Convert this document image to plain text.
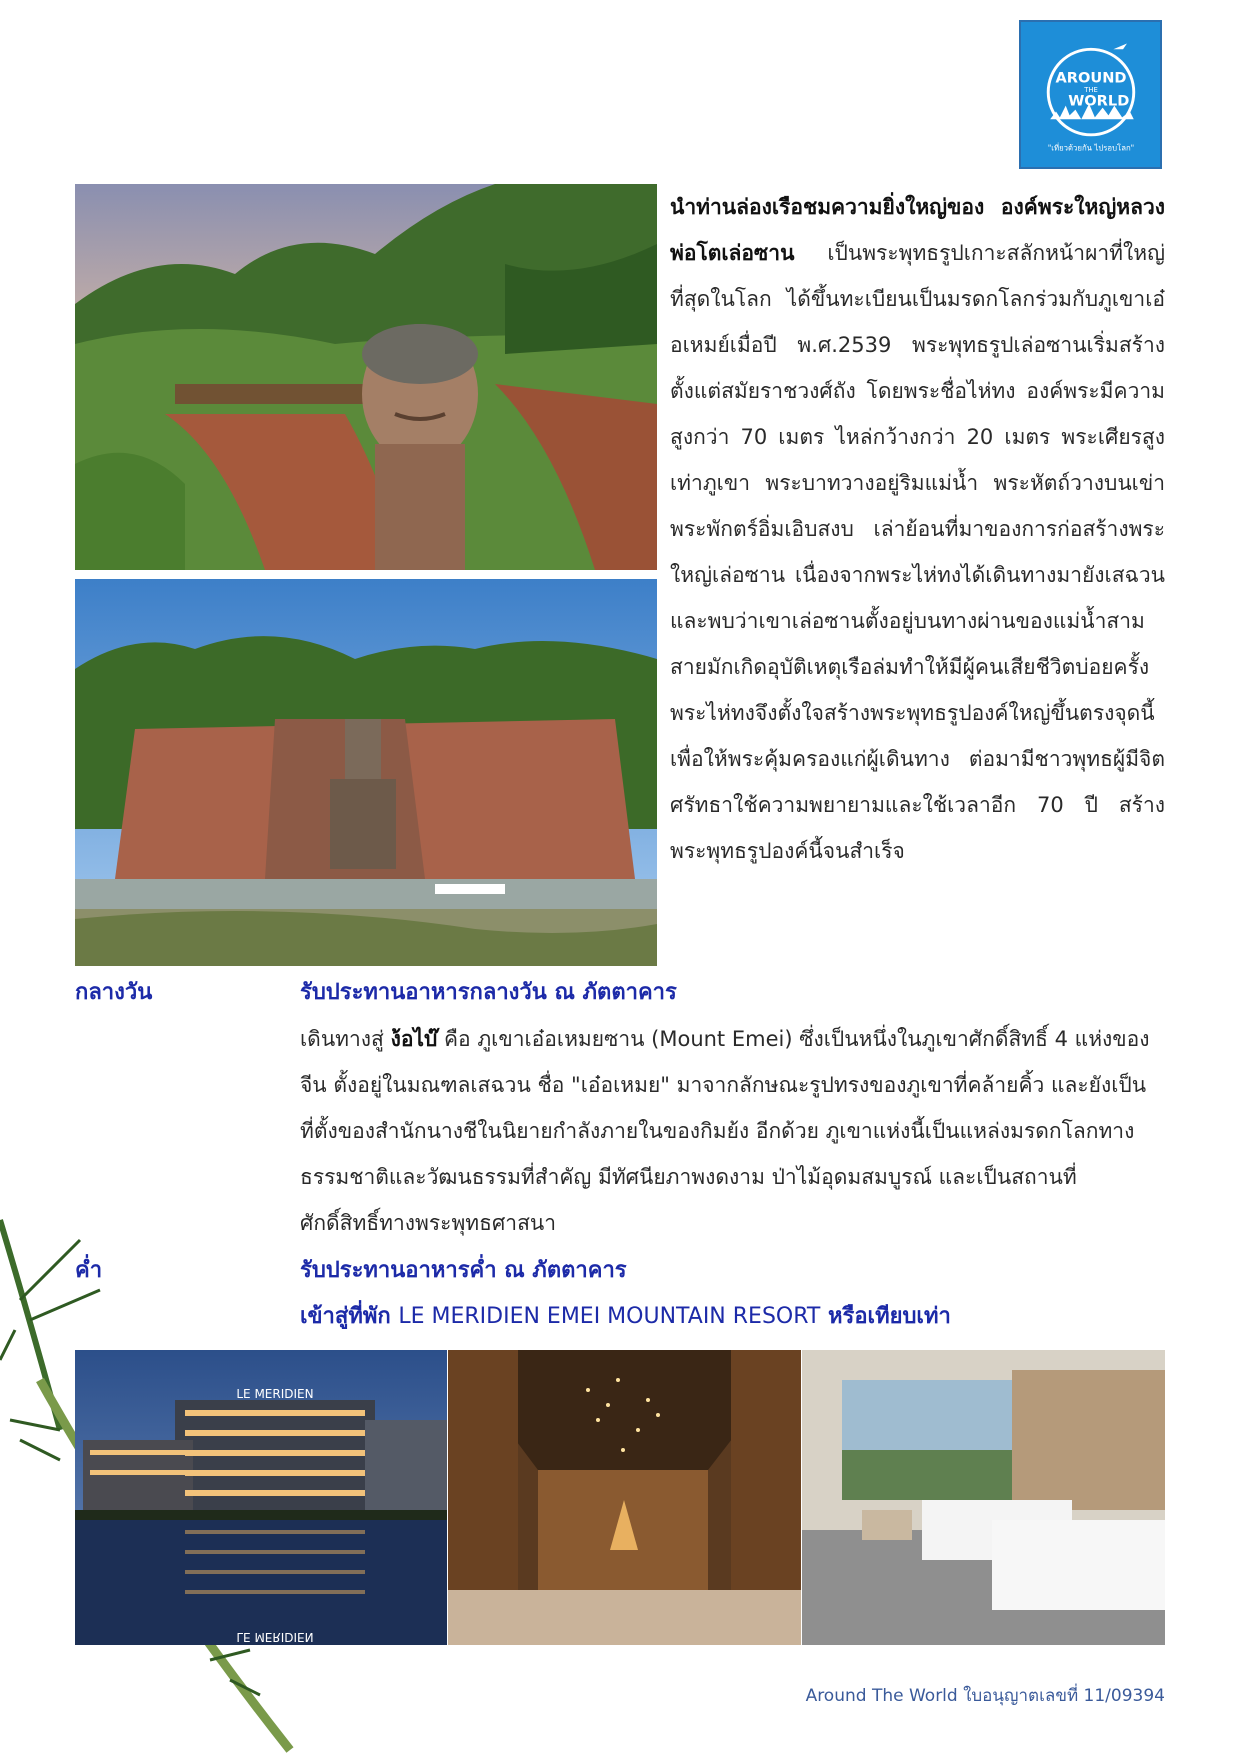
AROUND
THE
WORLD
"เที่ยวด้วยกัน ไปรอบโลก"
นำท่านล่องเรือชมความยิ่งใหญ่ของ องค์พระใหญ่หลวงพ่อโตเล่อซาน เป็นพระพุทธรูปเกาะสลักหน้าผาที่ใหญ่ที่สุดในโลก ได้ขึ้นทะเบียนเป็นมรดกโลกร่วมกับภูเขาเอ๋อเหมย์เมื่อปี พ.ศ.2539 พระพุทธรูปเล่อซานเริ่มสร้างตั้งแต่สมัยราชวงศ์ถัง โดยพระชื่อไห่ทง องค์พระมีความสูงกว่า 70 เมตร ไหล่กว้างกว่า 20 เมตร พระเศียรสูง เท่าภูเขา พระบาทวางอยู่ริมแม่น้ำ พระหัตถ์วางบนเข่า พระพักตร์อิ่มเอิบสงบ เล่าย้อนที่มาของการก่อสร้างพระใหญ่เล่อซาน เนื่องจากพระไห่ทงได้เดินทางมายังเสฉวน และพบว่าเขาเล่อซานตั้งอยู่บนทางผ่านของแม่น้ำสามสายมักเกิดอุบัติเหตุเรือล่มทำให้มีผู้คนเสียชีวิตบ่อยครั้ง พระไห่ทงจึงตั้งใจสร้างพระพุทธรูปองค์ใหญ่ขึ้นตรงจุดนี้เพื่อให้พระคุ้มครองแก่ผู้เดินทาง ต่อมามีชาวพุทธผู้มีจิตศรัทธาใช้ความพยายามและใช้เวลาอีก 70 ปี สร้างพระพุทธรูปองค์นี้จนสำเร็จ
กลางวัน	รับประทานอาหารกลางวัน ณ ภัตตาคาร
เดินทางสู่ ง้อไบ๊ คือ ภูเขาเอ๋อเหมยซาน (Mount Emei) ซึ่งเป็นหนึ่งในภูเขาศักดิ์สิทธิ์ 4 แห่งของจีน ตั้งอยู่ในมณฑลเสฉวน ชื่อ "เอ๋อเหมย" มาจากลักษณะรูปทรงของภูเขาที่คล้ายคิ้ว และยังเป็นที่ตั้งของสำนักนางชีในนิยายกำลังภายในของกิมย้ง อีกด้วย ภูเขาแห่งนี้เป็นแหล่งมรดกโลกทางธรรมชาติและวัฒนธรรมที่สำคัญ มีทัศนียภาพงดงาม ป่าไม้อุดมสมบูรณ์ และเป็นสถานที่ศักดิ์สิทธิ์ทางพระพุทธศาสนา
ค่ำ	รับประทานอาหารค่ำ ณ ภัตตาคาร
เข้าสู่ที่พัก LE MERIDIEN EMEI MOUNTAIN RESORT หรือเทียบเท่า
LE MERIDIEN
LE MERIDIEN
Around The World ใบอนุญาตเลขที่ 11/09394
